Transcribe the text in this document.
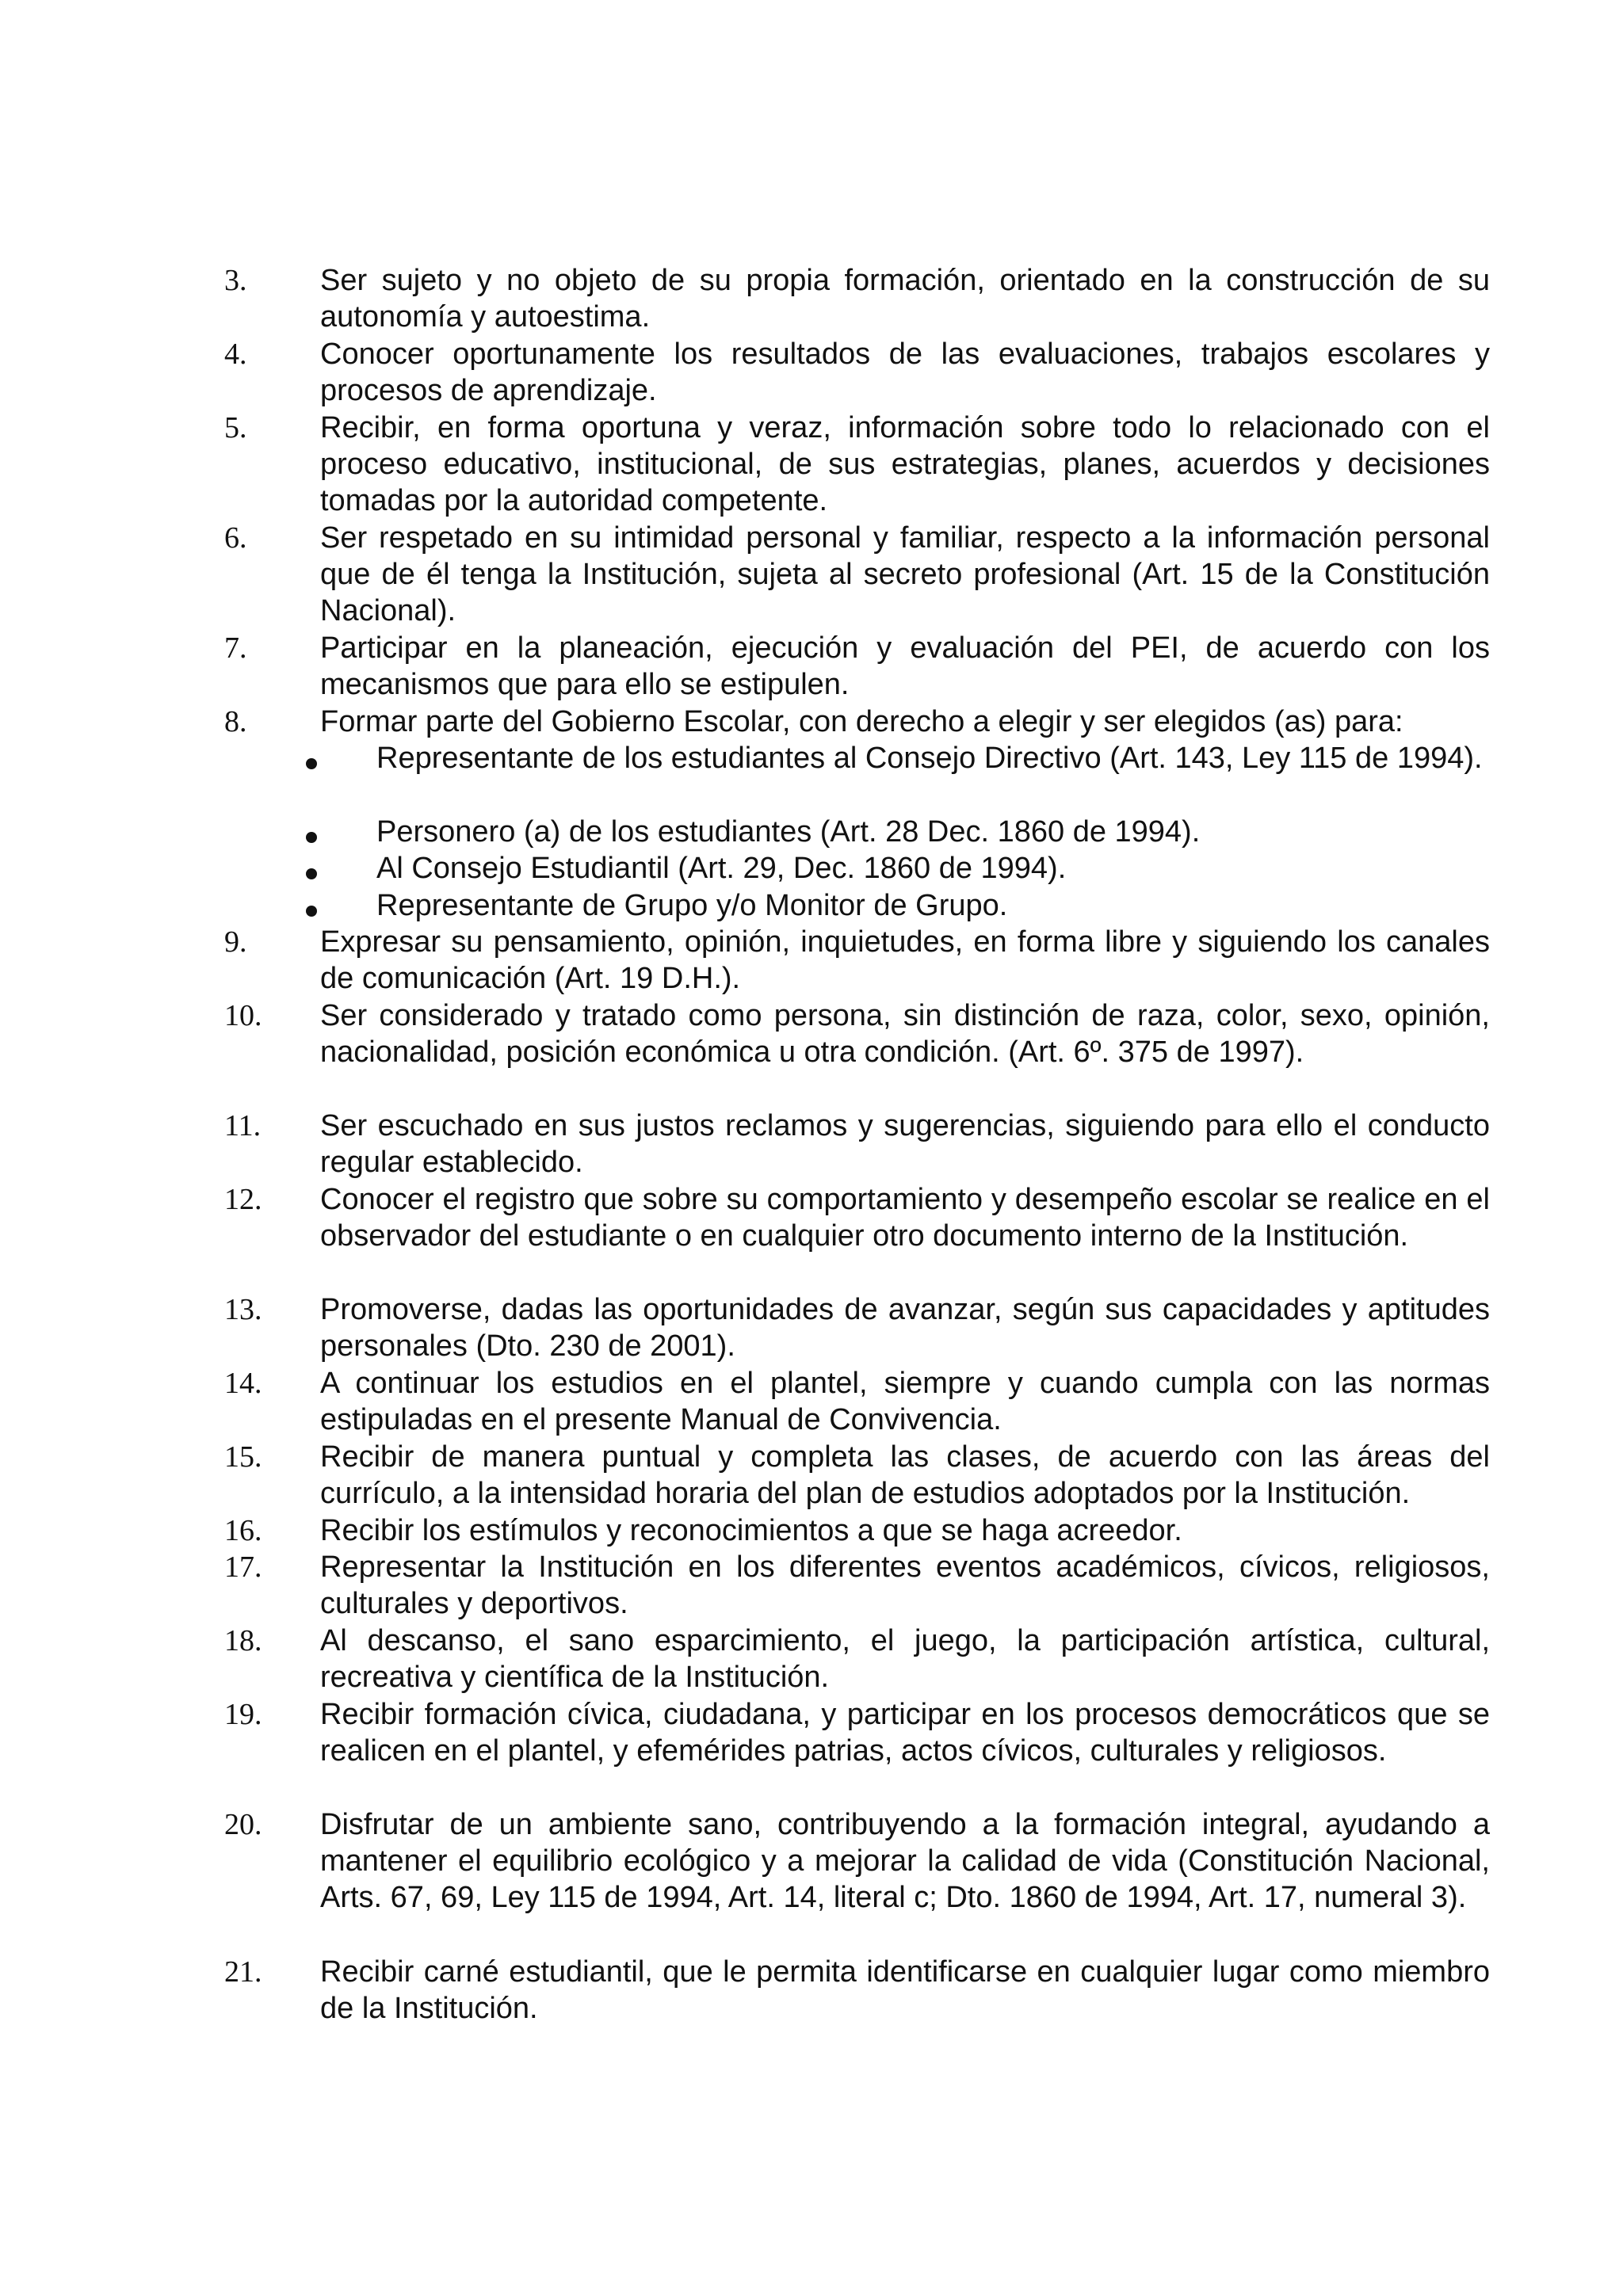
3. Ser sujeto y no objeto de su propia formación, orientado en la construcción de su autonomía y autoestima.
4. Conocer oportunamente los resultados de las evaluaciones, trabajos escolares y procesos de aprendizaje.
5. Recibir, en forma oportuna y veraz, información sobre todo lo relacionado con el proceso educativo, institucional, de sus estrategias, planes, acuerdos y decisiones tomadas por la autoridad competente.
6. Ser respetado en su intimidad personal y familiar, respecto a la información personal que de él tenga la Institución, sujeta al secreto profesional (Art. 15 de la Constitución Nacional).
7. Participar en la planeación, ejecución y evaluación del PEI, de acuerdo con los mecanismos que para ello se estipulen.
8. Formar parte del Gobierno Escolar, con derecho a elegir y ser elegidos (as) para:
Representante de los estudiantes al Consejo Directivo (Art. 143, Ley 115 de 1994).
Personero (a) de los estudiantes (Art. 28 Dec. 1860 de 1994).
Al Consejo Estudiantil (Art. 29, Dec. 1860 de 1994).
Representante de Grupo y/o Monitor de Grupo.
9. Expresar su pensamiento, opinión, inquietudes, en forma libre y siguiendo los canales de comunicación (Art. 19 D.H.).
10. Ser considerado y tratado como persona, sin distinción de raza, color, sexo, opinión, nacionalidad, posición económica u otra condición. (Art. 6º. 375 de 1997).
11. Ser escuchado en sus justos reclamos y sugerencias, siguiendo para ello el conducto regular establecido.
12. Conocer el registro que sobre su comportamiento y desempeño escolar se realice en el observador del estudiante o en cualquier otro documento interno de la Institución.
13. Promoverse, dadas las oportunidades de avanzar, según sus capacidades y aptitudes personales (Dto. 230 de 2001).
14. A continuar los estudios en el plantel, siempre y cuando cumpla con las normas estipuladas en el presente Manual de Convivencia.
15. Recibir de manera puntual y completa las clases, de acuerdo con las áreas del currículo, a la intensidad horaria del plan de estudios adoptados por la Institución.
16. Recibir los estímulos y reconocimientos a que se haga acreedor.
17. Representar la Institución en los diferentes eventos académicos, cívicos, religiosos, culturales y deportivos.
18. Al descanso, el sano esparcimiento, el juego, la participación artística, cultural, recreativa y científica de la Institución.
19. Recibir formación cívica, ciudadana, y participar en los procesos democráticos que se realicen en el plantel, y efemérides patrias, actos cívicos, culturales y religiosos.
20. Disfrutar de un ambiente sano, contribuyendo a la formación integral, ayudando a mantener el equilibrio ecológico y a mejorar la calidad de vida (Constitución Nacional, Arts. 67, 69, Ley 115 de 1994, Art. 14, literal c; Dto. 1860 de 1994, Art. 17, numeral 3).
21. Recibir carné estudiantil, que le permita identificarse en cualquier lugar como miembro de la Institución.
